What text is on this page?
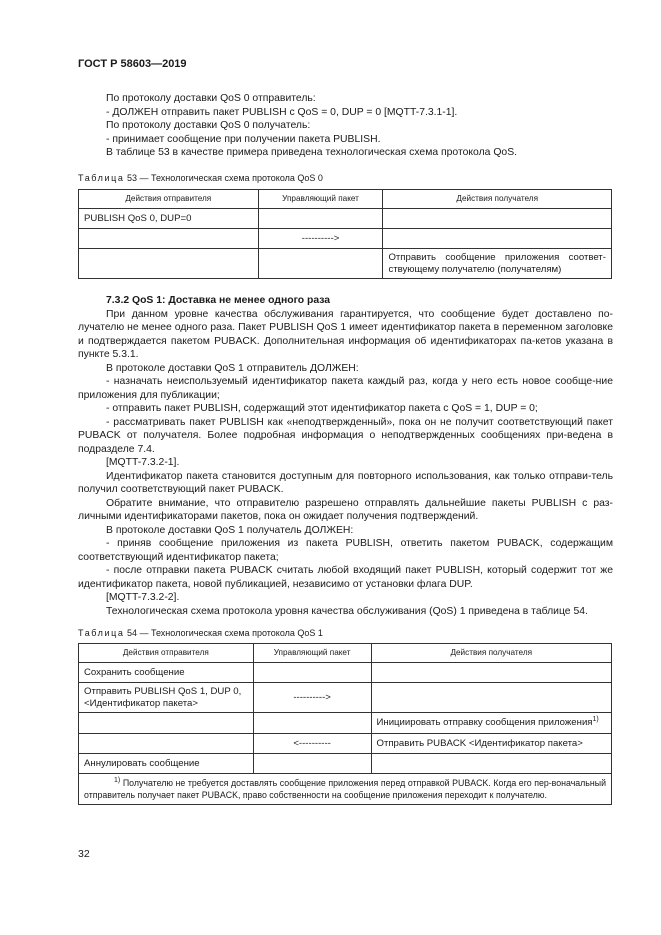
ГОСТ Р 58603—2019

По протоколу доставки QoS 0 отправитель:

- ДОЛЖЕН отправить пакет PUBLISH с QoS = 0, DUP = 0 [MQTT-7.3.1-1].

По протоколу доставки QoS 0 получатель:

- принимает сообщение при получении пакета PUBLISH.

В таблице 53 в качестве примера приведена технологическая схема протокола QoS.

Таблица 53 — Технологическая схема протокола QoS 0
Действия отправителя	Управляющий пакет	Действия получателя
PUBLISH QoS 0, DUP=0		
	---------->	
		Отправить сообщение приложения соответ-ствующему получателю (получателям)

7.3.2 QoS 1: Доставка не менее одного раза

При данном уровне качества обслуживания гарантируется, что сообщение будет доставлено по-лучателю не менее одного раза. Пакет PUBLISH QoS 1 имеет идентификатор пакета в переменном заголовке и подтверждается пакетом PUBACK. Дополнительная информация об идентификаторах па-кетов указана в пункте 5.3.1.

В протоколе доставки QoS 1 отправитель ДОЛЖЕН:

- назначать неиспользуемый идентификатор пакета каждый раз, когда у него есть новое сообще-ние приложения для публикации;

- отправить пакет PUBLISH, содержащий этот идентификатор пакета с QoS = 1, DUP = 0;

- рассматривать пакет PUBLISH как «неподтвержденный», пока он не получит соответствующий пакет PUBACK от получателя. Более подробная информация о неподтвержденных сообщениях при-ведена в подразделе 7.4.

[MQTT-7.3.2-1].

Идентификатор пакета становится доступным для повторного использования, как только отправи-тель получил соответствующий пакет PUBACK.

Обратите внимание, что отправителю разрешено отправлять дальнейшие пакеты PUBLISH с раз-личными идентификаторами пакетов, пока он ожидает получения подтверждений.

В протоколе доставки QoS 1 получатель ДОЛЖЕН:

- приняв сообщение приложения из пакета PUBLISH, ответить пакетом PUBACK, содержащим соответствующий идентификатор пакета;

- после отправки пакета PUBACK считать любой входящий пакет PUBLISH, который содержит тот же идентификатор пакета, новой публикацией, независимо от установки флага DUP.

[MQTT-7.3.2-2].

Технологическая схема протокола уровня качества обслуживания (QoS) 1 приведена в таблице 54.

Таблица 54 — Технологическая схема протокола QoS 1
Действия отправителя	Управляющий пакет	Действия получателя
Сохранить сообщение		
Отправить PUBLISH QoS 1, DUP 0, <Идентификатор пакета>	---------->	
		Инициировать отправку сообщения приложения$^{1)}$
	<----------	Отправить PUBACK <Идентификатор пакета>
Аннулировать сообщение		

$^{1)}$ Получателю не требуется доставлять сообщение приложения перед отправкой PUBACK. Когда его пер-воначальный отправитель получает пакет PUBACK, право собственности на сообщение приложения переходит к получателю.		

32
